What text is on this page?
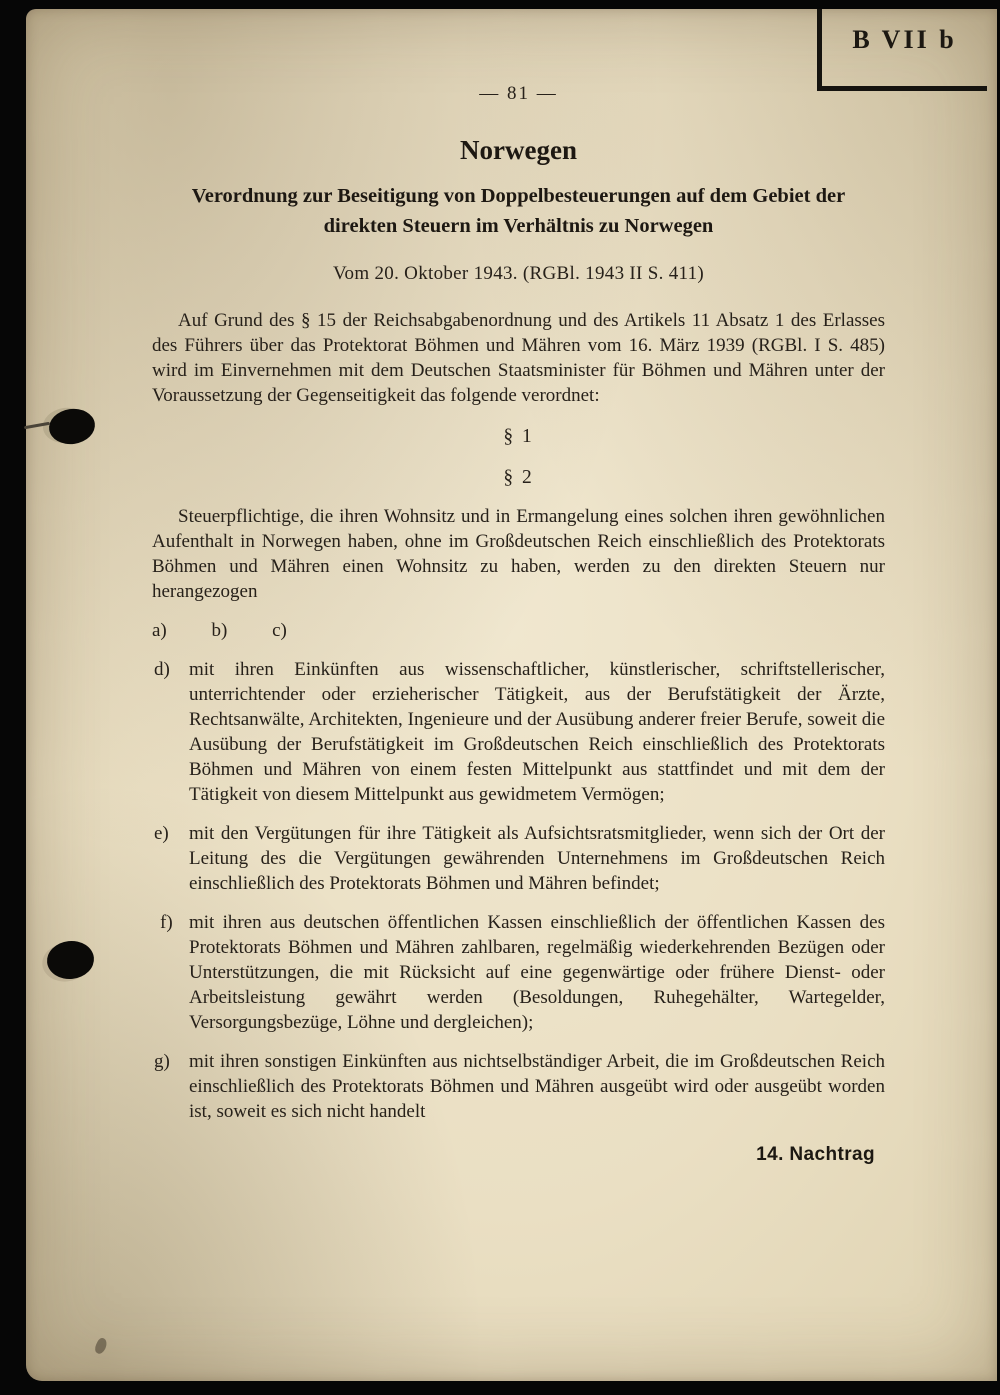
B VII b
— 81 —
Norwegen
Verordnung zur Beseitigung von Doppelbesteuerungen auf dem Gebiet der direkten Steuern im Verhältnis zu Norwegen
Vom 20. Oktober 1943. (RGBl. 1943 II S. 411)

Auf Grund des § 15 der Reichsabgabenordnung und des Artikels 11 Absatz 1 des Erlasses des Führers über das Protektorat Böhmen und Mähren vom 16. März 1939 (RGBl. I S. 485) wird im Einvernehmen mit dem Deutschen Staatsminister für Böhmen und Mähren unter der Voraussetzung der Gegenseitigkeit das folgende verordnet:

§ 1
§ 2

Steuerpflichtige, die ihren Wohnsitz und in Ermangelung eines solchen ihren gewöhnlichen Aufenthalt in Norwegen haben, ohne im Großdeutschen Reich einschließlich des Protektorats Böhmen und Mähren einen Wohnsitz zu haben, werden zu den direkten Steuern nur herangezogen

a) b) c)
d)	mit ihren Einkünften aus wissenschaftlicher, künstlerischer, schriftstellerischer, unterrichtender oder erzieherischer Tätigkeit, aus der Berufstätigkeit der Ärzte, Rechtsanwälte, Architekten, Ingenieure und der Ausübung anderer freier Berufe, soweit die Ausübung der Berufstätigkeit im Großdeutschen Reich einschließlich des Protektorats Böhmen und Mähren von einem festen Mittelpunkt aus stattfindet und mit dem der Tätigkeit von diesem Mittelpunkt aus gewidmetem Vermögen;
e)	mit den Vergütungen für ihre Tätigkeit als Aufsichtsratsmitglieder, wenn sich der Ort der Leitung des die Vergütungen gewährenden Unternehmens im Großdeutschen Reich einschließlich des Protektorats Böhmen und Mähren befindet;
f) mit ihren aus deutschen öffentlichen Kassen einschließlich der öffentlichen Kassen des Protektorats Böhmen und Mähren zahlbaren, regelmäßig wiederkehrenden Bezügen oder Unterstützungen, die mit Rücksicht auf eine gegenwärtige oder frühere Dienst- oder Arbeitsleistung gewährt werden (Besoldungen, Ruhegehälter, Wartegelder, Versorgungsbezüge, Löhne und dergleichen);
g)	mit ihren sonstigen Einkünften aus nichtselbständiger Arbeit, die im Großdeutschen Reich einschließlich des Protektorats Böhmen und Mähren ausgeübt wird oder ausgeübt worden ist, soweit es sich nicht handelt
14. Nachtrag
